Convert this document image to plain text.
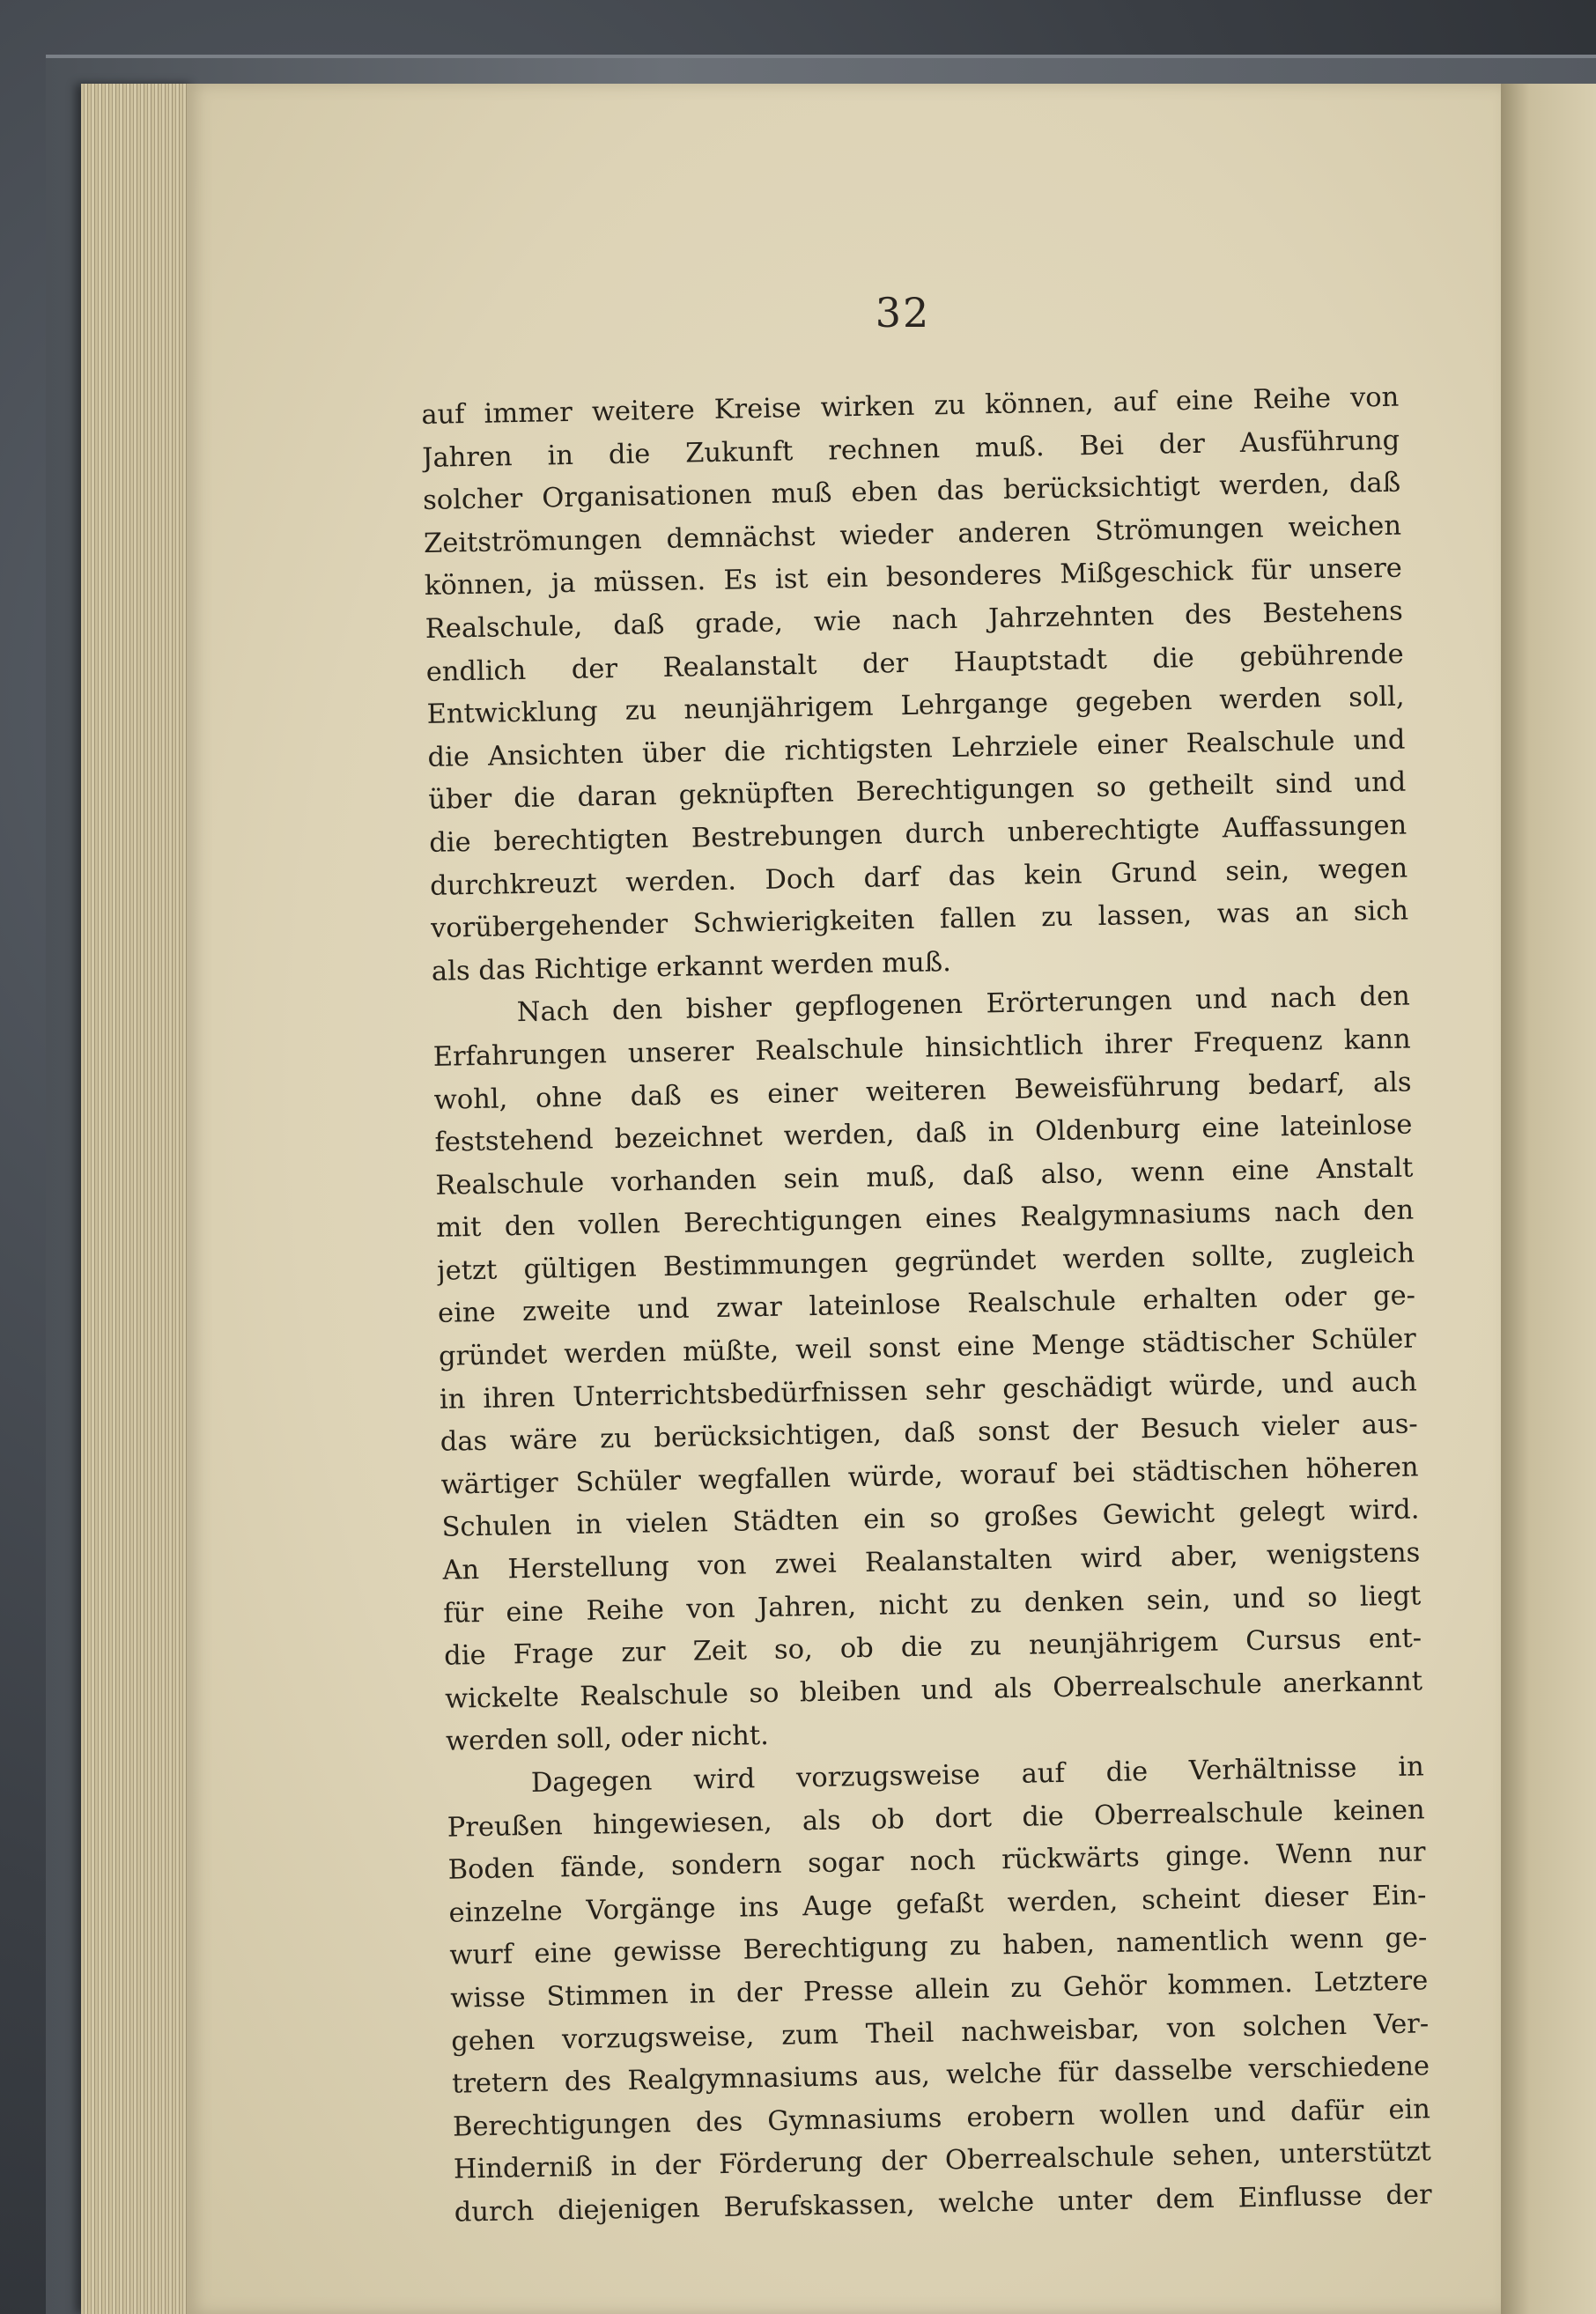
32
auf immer weitere Kreise wirken zu können, auf eine Reihe von
Jahren in die Zukunft rechnen muß. Bei der Ausführung
solcher Organisationen muß eben das berücksichtigt werden, daß
Zeitströmungen demnächst wieder anderen Strömungen weichen
können, ja müssen. Es ist ein besonderes Mißgeschick für unsere
Realschule, daß grade, wie nach Jahrzehnten des Bestehens
endlich der Realanstalt der Hauptstadt die gebührende
Entwicklung zu neunjährigem Lehrgange gegeben werden soll,
die Ansichten über die richtigsten Lehrziele einer Realschule und
über die daran geknüpften Berechtigungen so getheilt sind und
die berechtigten Bestrebungen durch unberechtigte Auffassungen
durchkreuzt werden. Doch darf das kein Grund sein, wegen
vorübergehender Schwierigkeiten fallen zu lassen, was an sich
als das Richtige erkannt werden muß.
Nach den bisher gepflogenen Erörterungen und nach den
Erfahrungen unserer Realschule hinsichtlich ihrer Frequenz kann
wohl, ohne daß es einer weiteren Beweisführung bedarf, als
feststehend bezeichnet werden, daß in Oldenburg eine lateinlose
Realschule vorhanden sein muß, daß also, wenn eine Anstalt
mit den vollen Berechtigungen eines Realgymnasiums nach den
jetzt gültigen Bestimmungen gegründet werden sollte, zugleich
eine zweite und zwar lateinlose Realschule erhalten oder ge-
gründet werden müßte, weil sonst eine Menge städtischer Schüler
in ihren Unterrichtsbedürfnissen sehr geschädigt würde, und auch
das wäre zu berücksichtigen, daß sonst der Besuch vieler aus-
wärtiger Schüler wegfallen würde, worauf bei städtischen höheren
Schulen in vielen Städten ein so großes Gewicht gelegt wird.
An Herstellung von zwei Realanstalten wird aber, wenigstens
für eine Reihe von Jahren, nicht zu denken sein, und so liegt
die Frage zur Zeit so, ob die zu neunjährigem Cursus ent-
wickelte Realschule so bleiben und als Oberrealschule anerkannt
werden soll, oder nicht.
Dagegen wird vorzugsweise auf die Verhältnisse in
Preußen hingewiesen, als ob dort die Oberrealschule keinen
Boden fände, sondern sogar noch rückwärts ginge. Wenn nur
einzelne Vorgänge ins Auge gefaßt werden, scheint dieser Ein-
wurf eine gewisse Berechtigung zu haben, namentlich wenn ge-
wisse Stimmen in der Presse allein zu Gehör kommen. Letztere
gehen vorzugsweise, zum Theil nachweisbar, von solchen Ver-
tretern des Realgymnasiums aus, welche für dasselbe verschiedene
Berechtigungen des Gymnasiums erobern wollen und dafür ein
Hinderniß in der Förderung der Oberrealschule sehen, unterstützt
durch diejenigen Berufskassen, welche unter dem Einflusse der
